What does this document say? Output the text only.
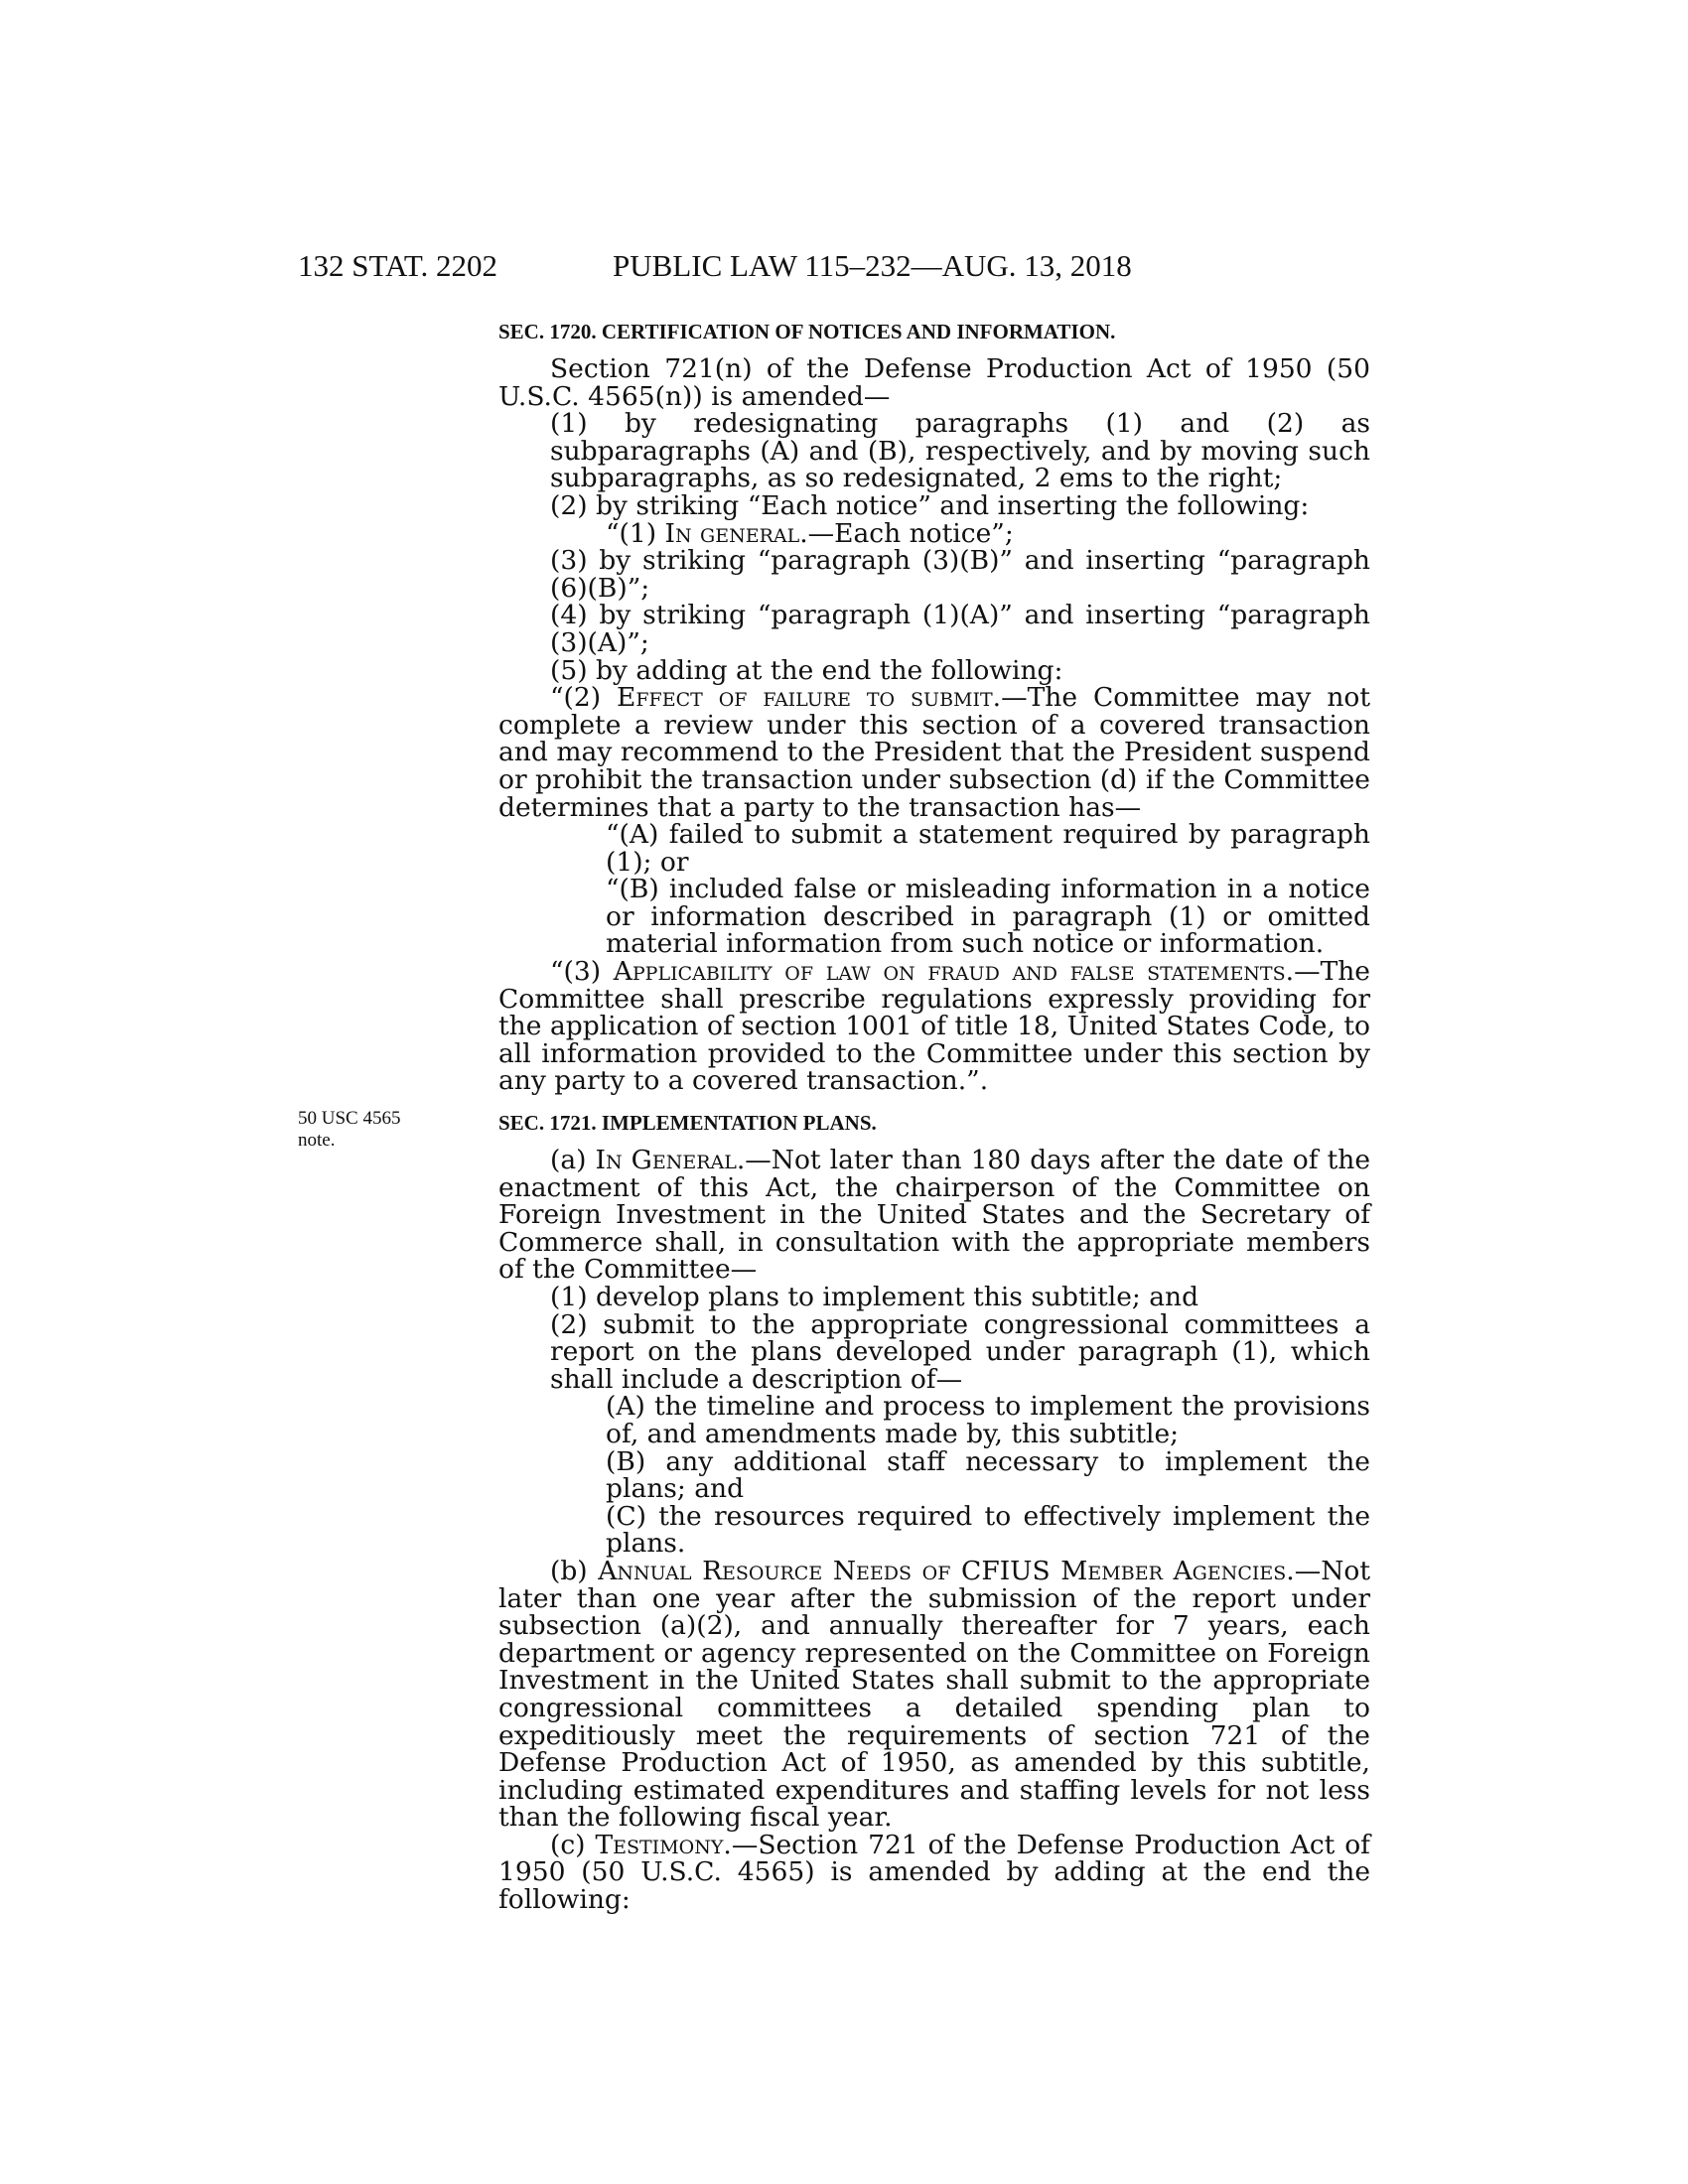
132 STAT. 2202	PUBLIC LAW 115–232—AUG. 13, 2018
50 USC 4565
note.
SEC. 1720. CERTIFICATION OF NOTICES AND INFORMATION.

Section 721(n) of the Defense Production Act of 1950 (50 U.S.C. 4565(n)) is amended—

(1) by redesignating paragraphs (1) and (2) as subparagraphs (A) and (B), respectively, and by moving such subparagraphs, as so redesignated, 2 ems to the right;

(2) by striking “Each notice” and inserting the following:

“(1) In general.—Each notice”;

(3) by striking “paragraph (3)(B)” and inserting “paragraph (6)(B)”;

(4) by striking “paragraph (1)(A)” and inserting “paragraph (3)(A)”;

(5) by adding at the end the following:

“(2) Effect of failure to submit.—The Committee may not complete a review under this section of a covered transaction and may recommend to the President that the President suspend or prohibit the transaction under subsection (d) if the Committee determines that a party to the transaction has—

“(A) failed to submit a statement required by paragraph (1); or

“(B) included false or misleading information in a notice or information described in paragraph (1) or omitted material information from such notice or information.

“(3) Applicability of law on fraud and false statements.—The Committee shall prescribe regulations expressly providing for the application of section 1001 of title 18, United States Code, to all information provided to the Committee under this section by any party to a covered transaction.”.

SEC. 1721. IMPLEMENTATION PLANS.

(a) In General.—Not later than 180 days after the date of the enactment of this Act, the chairperson of the Committee on Foreign Investment in the United States and the Secretary of Commerce shall, in consultation with the appropriate members of the Committee—

(1) develop plans to implement this subtitle; and

(2) submit to the appropriate congressional committees a report on the plans developed under paragraph (1), which shall include a description of—

(A) the timeline and process to implement the provisions of, and amendments made by, this subtitle;

(B) any additional staff necessary to implement the plans; and

(C) the resources required to effectively implement the plans.

(b) Annual Resource Needs of CFIUS Member Agencies.—Not later than one year after the submission of the report under subsection (a)(2), and annually thereafter for 7 years, each department or agency represented on the Committee on Foreign Investment in the United States shall submit to the appropriate congressional committees a detailed spending plan to expeditiously meet the requirements of section 721 of the Defense Production Act of 1950, as amended by this subtitle, including estimated expenditures and staffing levels for not less than the following fiscal year.

(c) Testimony.—Section 721 of the Defense Production Act of 1950 (50 U.S.C. 4565) is amended by adding at the end the following:
